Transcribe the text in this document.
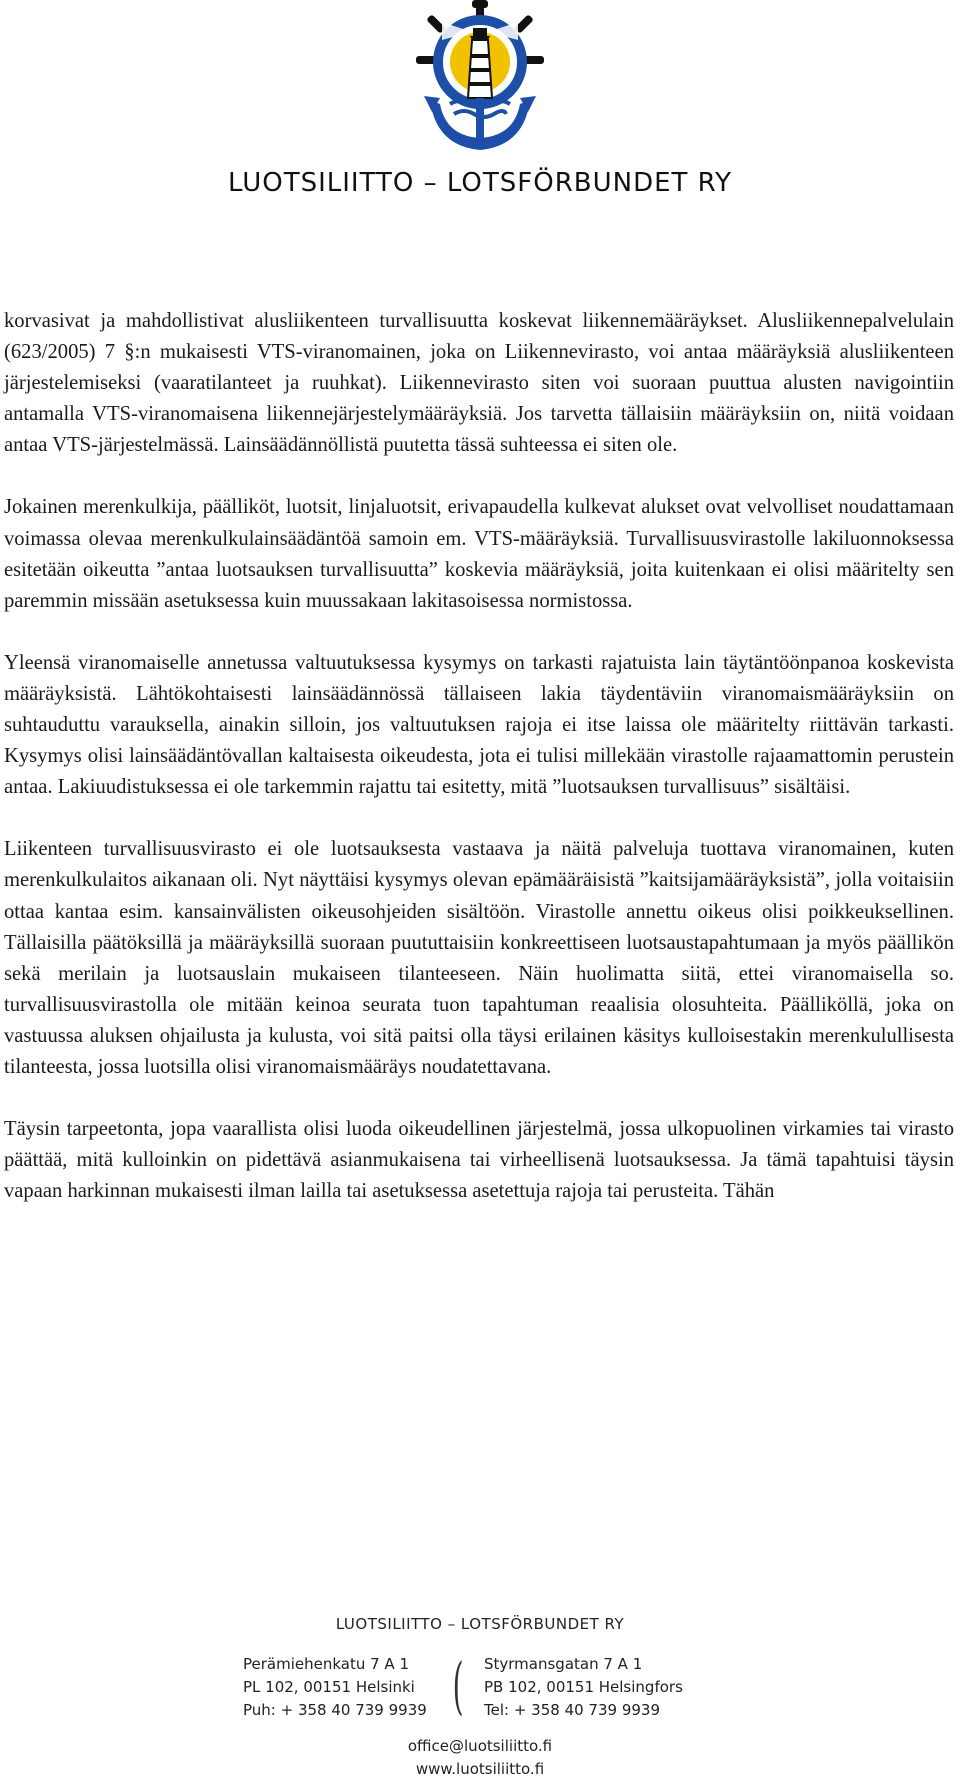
LUOTSILIITTO – LOTSFÖRBUNDET RY

korvasivat ja mahdollistivat alusliikenteen turvallisuutta koskevat liikennemääräykset. Alusliikennepalvelulain (623/2005) 7 §:n mukaisesti VTS-viranomainen, joka on Liikennevirasto, voi antaa määräyksiä alusliikenteen järjestelemiseksi (vaaratilanteet ja ruuhkat). Liikennevirasto siten voi suoraan puuttua alusten navigointiin antamalla VTS-viranomaisena liikennejärjestelymääräyksiä. Jos tarvetta tällaisiin määräyksiin on, niitä voidaan antaa VTS-järjestelmässä. Lainsäädännöllistä puutetta tässä suhteessa ei siten ole.

Jokainen merenkulkija, päälliköt, luotsit, linjaluotsit, erivapaudella kulkevat alukset ovat velvolliset noudattamaan voimassa olevaa merenkulkulainsäädäntöä samoin em. VTS-määräyksiä. Turvallisuusvirastolle lakiluonnoksessa esitetään oikeutta ”antaa luotsauksen turvallisuutta” koskevia määräyksiä, joita kuitenkaan ei olisi määritelty sen paremmin missään asetuksessa kuin muussakaan lakitasoisessa normistossa.

Yleensä viranomaiselle annetussa valtuutuksessa kysymys on tarkasti rajatuista lain täytäntöönpanoa koskevista määräyksistä. Lähtökohtaisesti lainsäädännössä tällaiseen lakia täydentäviin viranomaismääräyksiin on suhtauduttu varauksella, ainakin silloin, jos valtuutuksen rajoja ei itse laissa ole määritelty riittävän tarkasti. Kysymys olisi lainsäädäntövallan kaltaisesta oikeudesta, jota ei tulisi millekään virastolle rajaamattomin perustein antaa. Lakiuudistuksessa ei ole tarkemmin rajattu tai esitetty, mitä ”luotsauksen turvallisuus” sisältäisi.

Liikenteen turvallisuusvirasto ei ole luotsauksesta vastaava ja näitä palveluja tuottava viranomainen, kuten merenkulkulaitos aikanaan oli. Nyt näyttäisi kysymys olevan epämääräisistä ”kaitsijamääräyksistä”, jolla voitaisiin ottaa kantaa esim. kansainvälisten oikeusohjeiden sisältöön. Virastolle annettu oikeus olisi poikkeuksellinen. Tällaisilla päätöksillä ja määräyksillä suoraan puututtaisiin konkreettiseen luotsaustapahtumaan ja myös päällikön sekä merilain ja luotsauslain mukaiseen tilanteeseen. Näin huolimatta siitä, ettei viranomaisella so. turvallisuusvirastolla ole mitään keinoa seurata tuon tapahtuman reaalisia olosuhteita. Päälliköllä, joka on vastuussa aluksen ohjailusta ja kulusta, voi sitä paitsi olla täysi erilainen käsitys kulloisestakin merenkulullisesta tilanteesta, jossa luotsilla olisi viranomaismääräys noudatettavana.

Täysin tarpeetonta, jopa vaarallista olisi luoda oikeudellinen järjestelmä, jossa ulkopuolinen virkamies tai virasto päättää, mitä kulloinkin on pidettävä asianmukaisena tai virheellisenä luotsauksessa. Ja tämä tapahtuisi täysin vapaan harkinnan mukaisesti ilman lailla tai asetuksessa asetettuja rajoja tai perusteita. Tähän

LUOTSILIITTO – LOTSFÖRBUNDET RY
Perämiehenkatu 7 A 1
PL 102, 00151 Helsinki
Puh: + 358 40 739 9939 ( Styrmansgatan 7 A 1
PB 102, 00151 Helsingfors
Tel: + 358 40 739 9939
office@luotsiliitto.fi
www.luotsiliitto.fi
